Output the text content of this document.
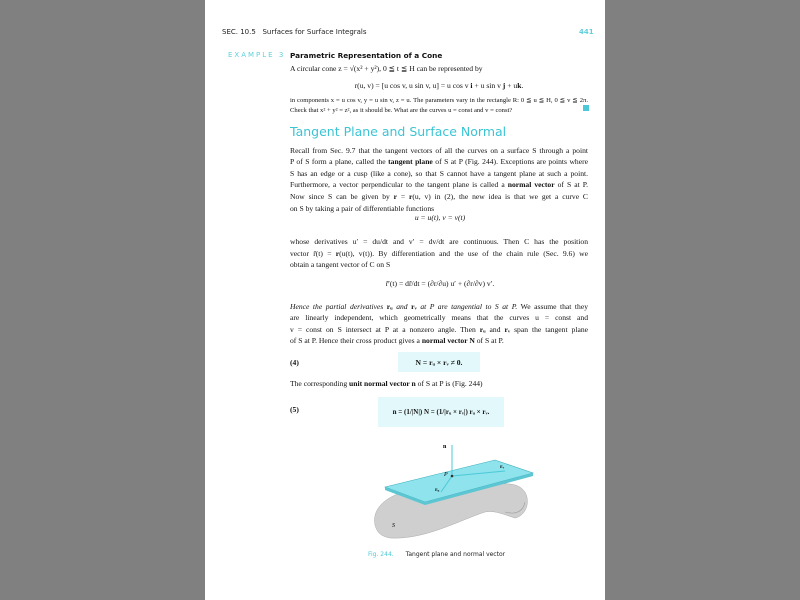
SEC. 10.5 Surfaces for Surface Integrals	441
EXAMPLE 3 Parametric Representation of a Cone
A circular cone z = √(x² + y²), 0 ≦ t ≦ H can be represented by
r(u, v) = [u cos v, u sin v, u] = u cos v i + u sin v j + uk.
in components x = u cos v, y = u sin v, z = u. The parameters vary in the rectangle R: 0 ≦ u ≦ H, 0 ≦ v ≦ 2π.
Check that x² + y² = z², as it should be. What are the curves u = const and v = const?
Tangent Plane and Surface Normal
Recall from Sec. 9.7 that the tangent vectors of all the curves on a surface S through a point
P of S form a plane, called the tangent plane of S at P (Fig. 244). Exceptions are points where
S has an edge or a cusp (like a cone), so that S cannot have a tangent plane at such a point.
Furthermore, a vector perpendicular to the tangent plane is called a normal vector of S at P.
Now since S can be given by r = r(u, v) in (2), the new idea is that we get a curve C
on S by taking a pair of differentiable functions
u = u(t), v = v(t)
whose derivatives u′ = du/dt and v′ = dv/dt are continuous. Then C has the position
vector r̃(t) = r(u(t), v(t)). By differentiation and the use of the chain rule (Sec. 9.6) we
obtain a tangent vector of C on S
r̃′(t) = dr̃/dt = (∂r/∂u) u′ + (∂r/∂v) v′.
Hence the partial derivatives rᵤ and rᵥ at P are tangential to S at P. We assume that they
are linearly independent, which geometrically means that the curves u = const and
v = const on S intersect at P at a nonzero angle. Then rᵤ and rᵥ span the tangent plane
of S at P. Hence their cross product gives a normal vector N of S at P.
(4)	N = rᵤ × rᵥ ≠ 0.
The corresponding unit normal vector n of S at P is (Fig. 244)
(5)	n = (1/|N|) N = (1/|rᵤ × rᵥ|) rᵤ × rᵥ.
n
P
rᵥ
rᵤ
S
Fig. 244. Tangent plane and normal vector
